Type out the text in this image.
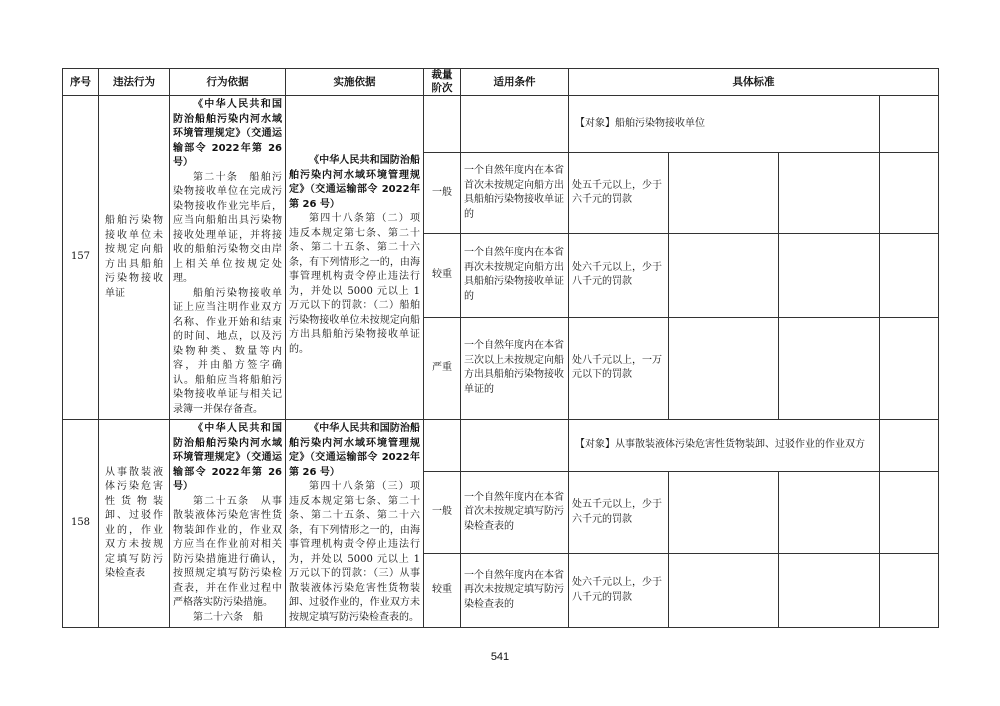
序号	违法行为	行为依据	实施依据	裁量阶次	适用条件	具体标准			
157	船舶污染物接收单位未按规定向船方出具船舶污染物接收单证	《中华人民共和国防治船舶污染内河水域环境管理规定》（交通运输部令 2022年第 26 号）
第二十条　船舶污染物接收单位在完成污染物接收作业完毕后，应当向船舶出具污染物接收处理单证，并将接收的船舶污染物交由岸上相关单位按规定处理。
船舶污染物接收单证上应当注明作业双方名称、作业开始和结束的时间、地点，以及污染物种类、数量等内容，并由船方签字确认。船舶应当将船舶污染物接收单证与相关记录簿一并保存备查。	《中华人民共和国防治船舶污染内河水域环境管理规定》（交通运输部令 2022年第 26 号）
第四十八条第（二）项 违反本规定第七条、第二十条、第二十五条、第二十六条，有下列情形之一的，由海事管理机构责令停止违法行为，并处以 5000 元以上 1 万元以下的罚款：（二）船舶污染物接收单位未按规定向船方出具船舶污染物接收单证的。			【对象】船舶污染物接收单位			
				一般	一个自然年度内在本省首次未按规定向船方出具船舶污染物接收单证的	处五千元以上，少于六千元的罚款			
				较重	一个自然年度内在本省再次未按规定向船方出具船舶污染物接收单证的	处六千元以上，少于八千元的罚款			
				严重	一个自然年度内在本省三次以上未按规定向船方出具船舶污染物接收单证的	处八千元以上，一万元以下的罚款			
158	从事散装液体污染危害性货物装卸、过驳作业的，作业双方未按规定填写防污染检查表	《中华人民共和国防治船舶污染内河水域环境管理规定》（交通运输部令 2022年第 26 号）
第二十五条　从事散装液体污染危害性货物装卸作业的，作业双方应当在作业前对相关防污染措施进行确认，按照规定填写防污染检查表，并在作业过程中严格落实防污染措施。
第二十六条　船	《中华人民共和国防治船舶污染内河水域环境管理规定》（交通运输部令 2022年第 26 号）
第四十八条第（三）项 违反本规定第七条、第二十条、第二十五条、第二十六条，有下列情形之一的，由海事管理机构责令停止违法行为，并处以 5000 元以上 1 万元以下的罚款：（三）从事散装液体污染危害性货物装卸、过驳作业的，作业双方未按规定填写防污染检查表的。			【对象】从事散装液体污染危害性货物装卸、过驳作业的作业双方			
				一般	一个自然年度内在本省首次未按规定填写防污染检查表的	处五千元以上，少于六千元的罚款			
				较重	一个自然年度内在本省再次未按规定填写防污染检查表的	处六千元以上，少于八千元的罚款			
541
